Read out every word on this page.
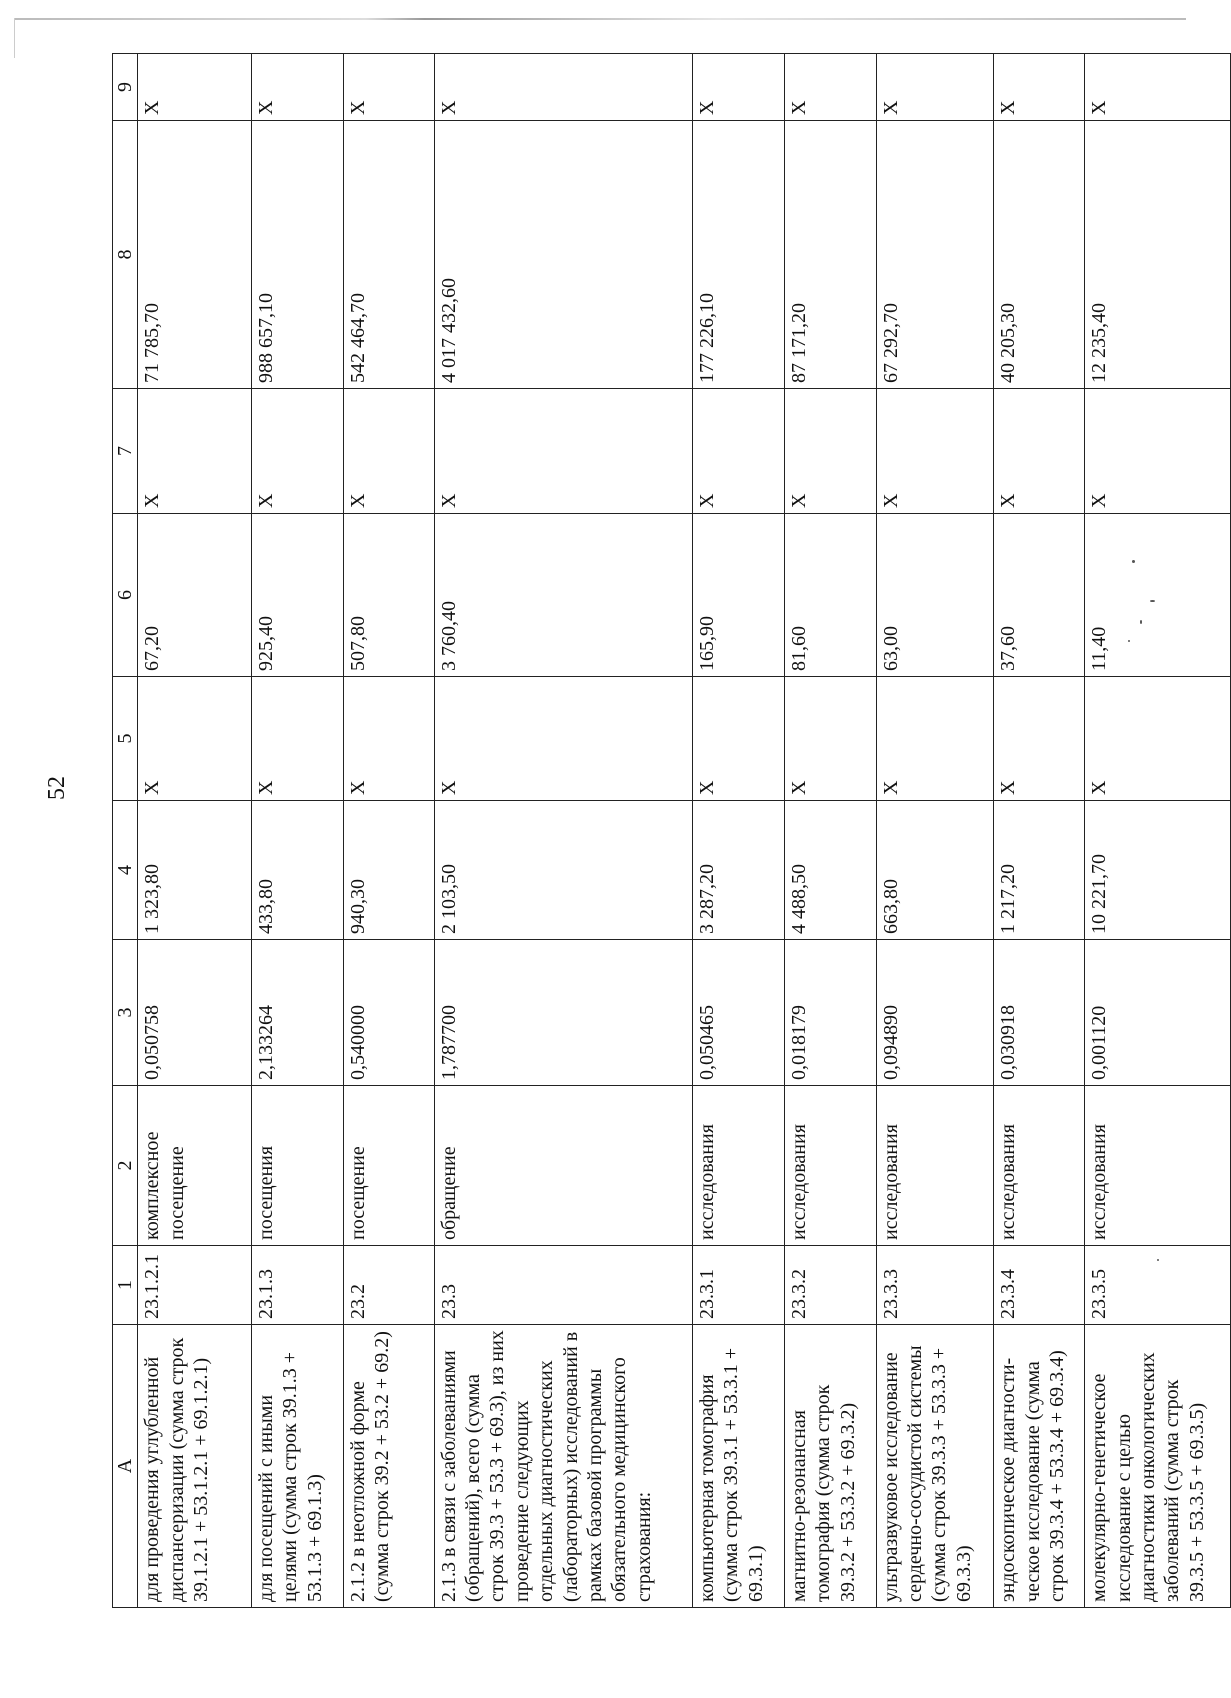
52
A	1	2	3	4	5	6	7	8	9
для проведения углубленной диспансеризации (сумма строк 39.1.2.1 + 53.1.2.1 + 69.1.2.1)	23.1.2.1	комплексное посещение	0,050758	1 323,80	Х	67,20	Х	71 785,70	Х
для посещений с иными целями (сумма строк 39.1.3 + 53.1.3 + 69.1.3)	23.1.3	посещения	2,133264	433,80	Х	925,40	Х	988 657,10	Х
2.1.2 в неотложной форме (сумма строк 39.2 + 53.2 + 69.2)	23.2	посещение	0,540000	940,30	Х	507,80	Х	542 464,70	Х
2.1.3 в связи с заболеваниями (обращений), всего (сумма строк 39.3 + 53.3 + 69.3), из них проведение следующих отдельных диагностических (лабораторных) исследований в рамках базовой программы обязательного медицинского страхования:	23.3	обращение	1,787700	2 103,50	Х	3 760,40	Х	4 017 432,60	Х
компьютерная томография (сумма строк 39.3.1 + 53.3.1 + 69.3.1)	23.3.1	исследования	0,050465	3 287,20	Х	165,90	Х	177 226,10	Х
магнитно-резонансная томография (сумма строк 39.3.2 + 53.3.2 + 69.3.2)	23.3.2	исследования	0,018179	4 488,50	Х	81,60	Х	87 171,20	Х
ультразвуковое исследование сердечно-сосудистой системы (сумма строк 39.3.3 + 53.3.3 + 69.3.3)	23.3.3	исследования	0,094890	663,80	Х	63,00	Х	67 292,70	Х
эндоскопическое диагности-ческое исследование (сумма строк 39.3.4 + 53.3.4 + 69.3.4)	23.3.4	исследования	0,030918	1 217,20	Х	37,60	Х	40 205,30	Х
молекулярно-генетическое исследование с целью диагностики онкологических заболеваний (сумма строк 39.3.5 + 53.3.5 + 69.3.5)	23.3.5	исследования	0,001120	10 221,70	Х	11,40	Х	12 235,40	Х
